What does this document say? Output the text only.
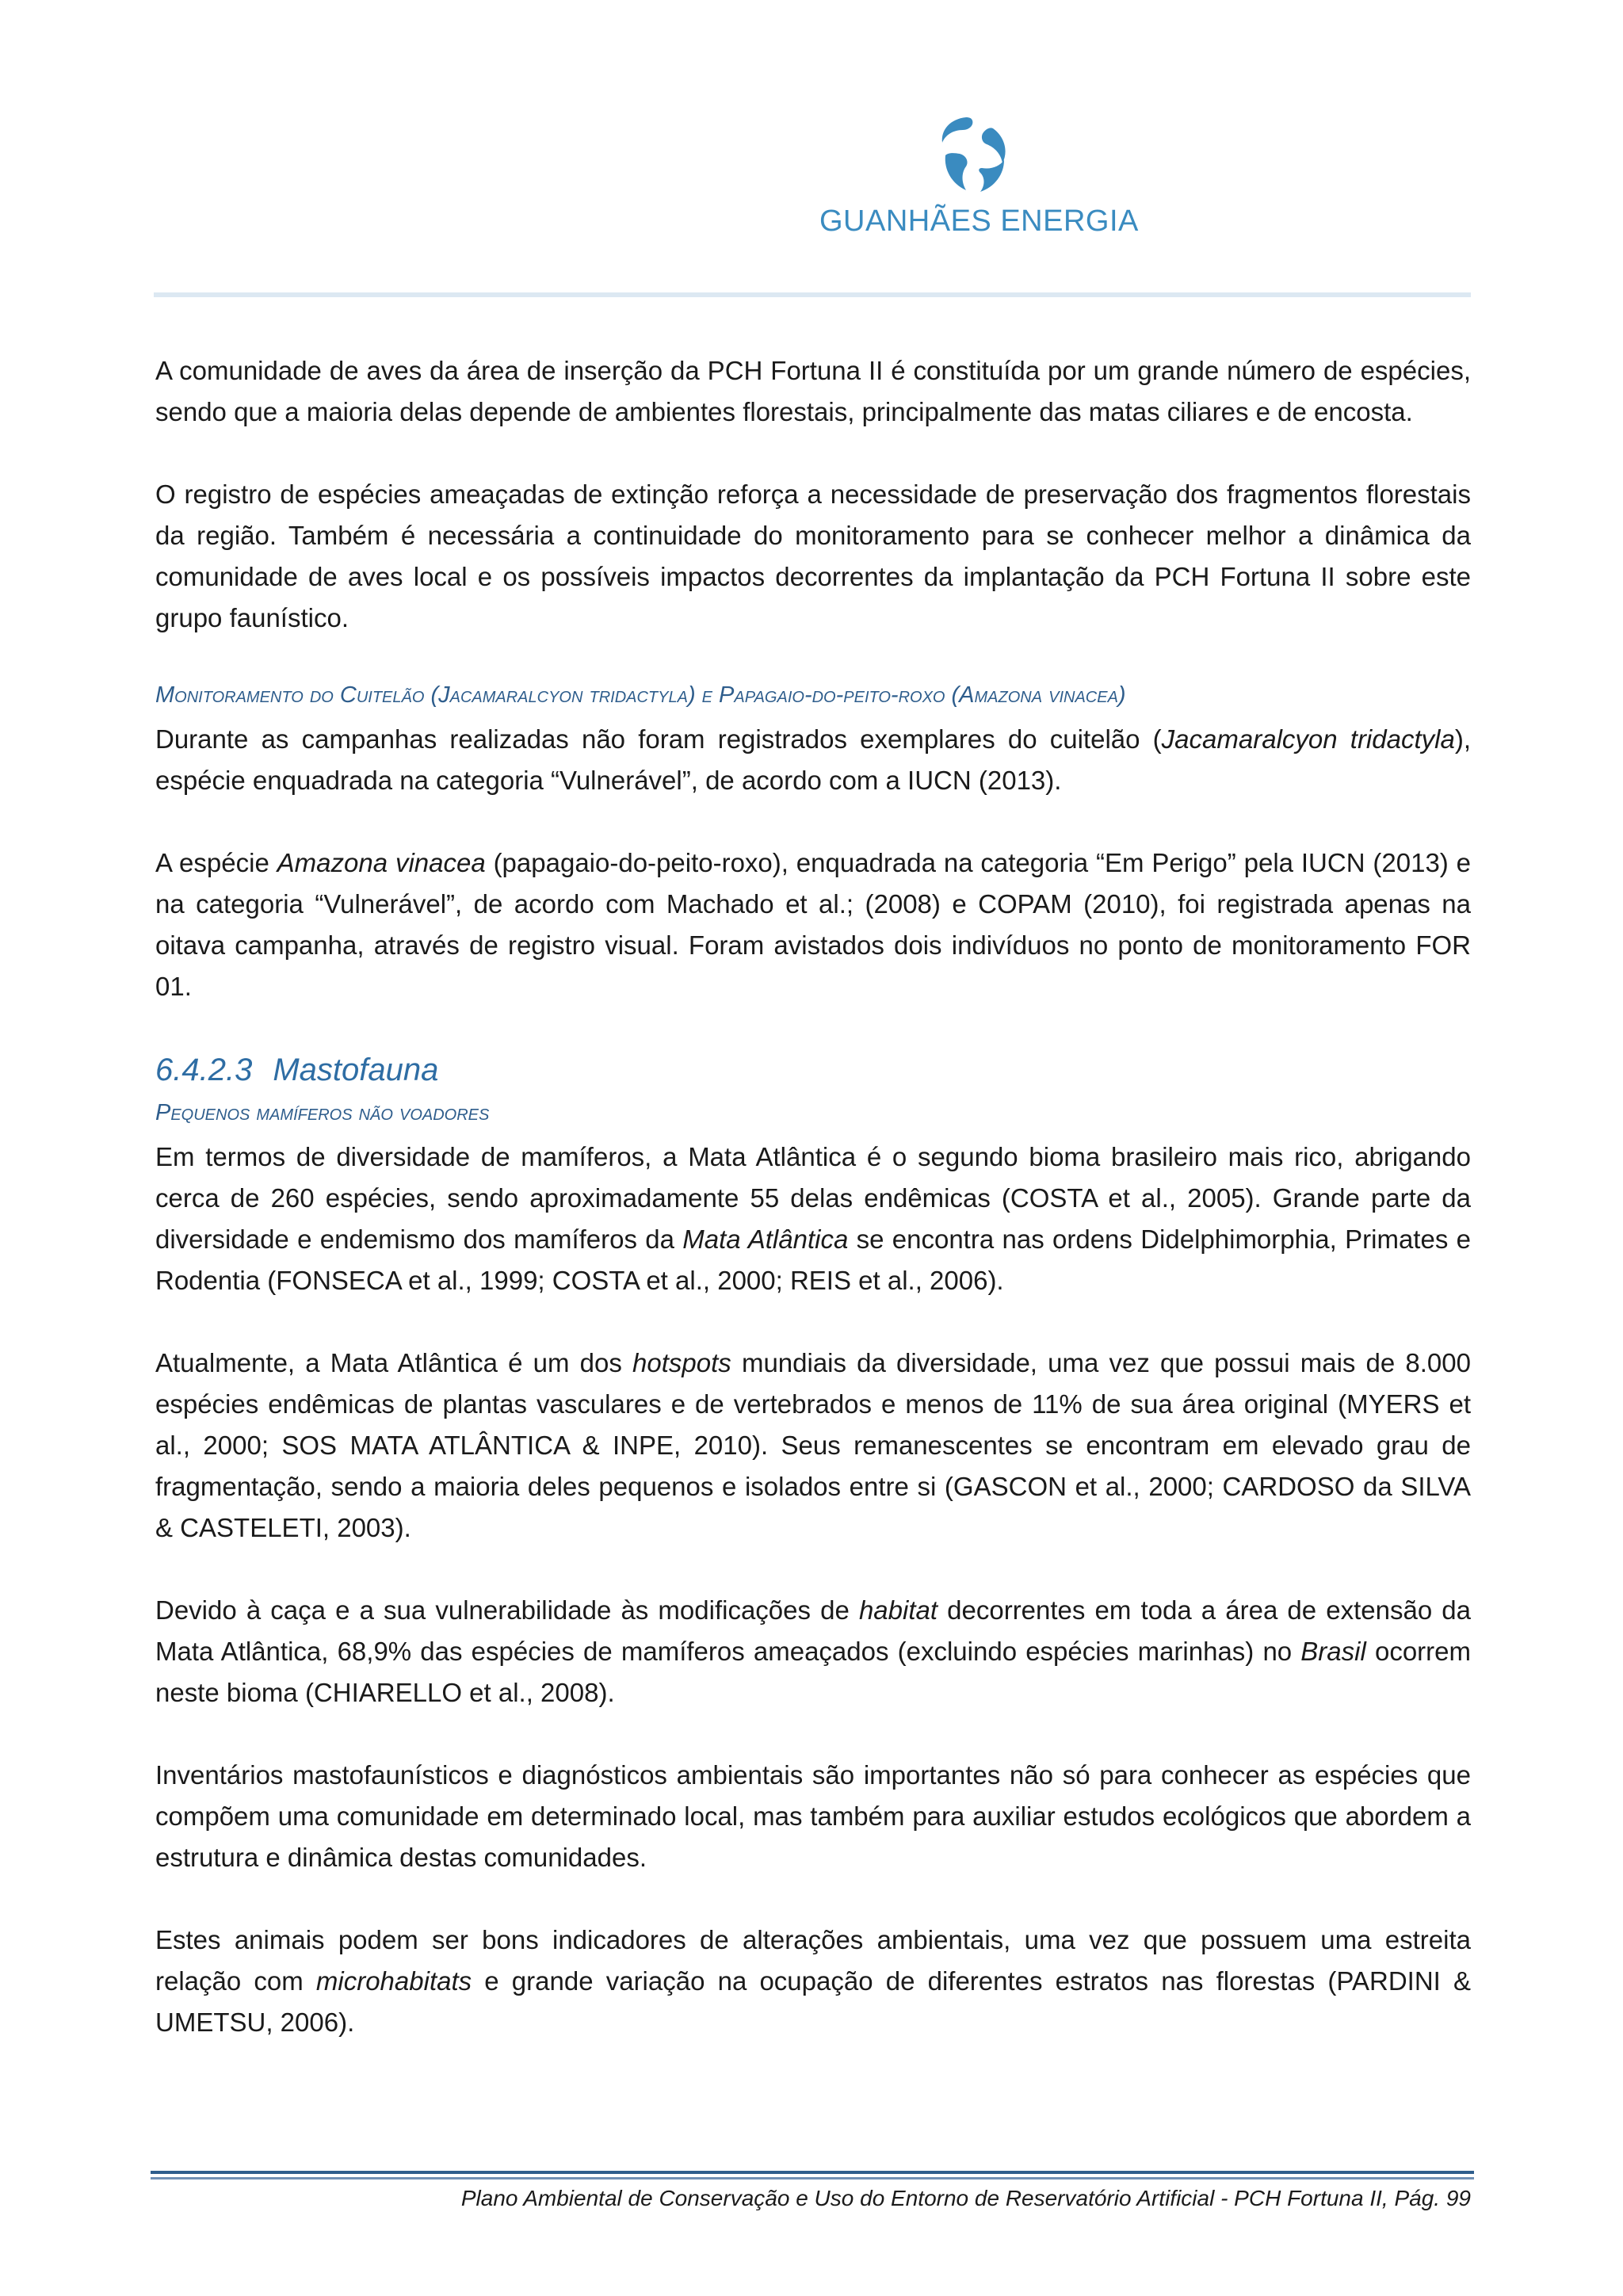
GUANHÃES ENERGIA

A comunidade de aves da área de inserção da PCH Fortuna II é constituída por um grande número de espécies, sendo que a maioria delas depende de ambientes florestais, principalmente das matas ciliares e de encosta.

O registro de espécies ameaçadas de extinção reforça a necessidade de preservação dos fragmentos florestais da região. Também é necessária a continuidade do monitoramento para se conhecer melhor a dinâmica da comunidade de aves local e os possíveis impactos decorrentes da implantação da PCH Fortuna II sobre este grupo faunístico.

Monitoramento do Cuitelão (Jacamaralcyon tridactyla) e Papagaio-do-peito-roxo (Amazona vinacea)

Durante as campanhas realizadas não foram registrados exemplares do cuitelão (Jacamaralcyon tridactyla), espécie enquadrada na categoria “Vulnerável”, de acordo com a IUCN (2013).

A espécie Amazona vinacea (papagaio-do-peito-roxo), enquadrada na categoria “Em Perigo” pela IUCN (2013) e na categoria “Vulnerável”, de acordo com Machado et al.; (2008) e COPAM (2010), foi registrada apenas na oitava campanha, através de registro visual. Foram avistados dois indivíduos no ponto de monitoramento FOR 01.

6.4.2.3 Mastofauna
Pequenos mamíferos não voadores

Em termos de diversidade de mamíferos, a Mata Atlântica é o segundo bioma brasileiro mais rico, abrigando cerca de 260 espécies, sendo aproximadamente 55 delas endêmicas (COSTA et al., 2005). Grande parte da diversidade e endemismo dos mamíferos da Mata Atlântica se encontra nas ordens Didelphimorphia, Primates e Rodentia (FONSECA et al., 1999; COSTA et al., 2000; REIS et al., 2006).

Atualmente, a Mata Atlântica é um dos hotspots mundiais da diversidade, uma vez que possui mais de 8.000 espécies endêmicas de plantas vasculares e de vertebrados e menos de 11% de sua área original (MYERS et al., 2000; SOS MATA ATLÂNTICA & INPE, 2010). Seus remanescentes se encontram em elevado grau de fragmentação, sendo a maioria deles pequenos e isolados entre si (GASCON et al., 2000; CARDOSO da SILVA & CASTELETI, 2003).

Devido à caça e a sua vulnerabilidade às modificações de habitat decorrentes em toda a área de extensão da Mata Atlântica, 68,9% das espécies de mamíferos ameaçados (excluindo espécies marinhas) no Brasil ocorrem neste bioma (CHIARELLO et al., 2008).

Inventários mastofaunísticos e diagnósticos ambientais são importantes não só para conhecer as espécies que compõem uma comunidade em determinado local, mas também para auxiliar estudos ecológicos que abordem a estrutura e dinâmica destas comunidades.

Estes animais podem ser bons indicadores de alterações ambientais, uma vez que possuem uma estreita relação com microhabitats e grande variação na ocupação de diferentes estratos nas florestas (PARDINI & UMETSU, 2006).

Plano Ambiental de Conservação e Uso do Entorno de Reservatório Artificial - PCH Fortuna II, Pág. 99
